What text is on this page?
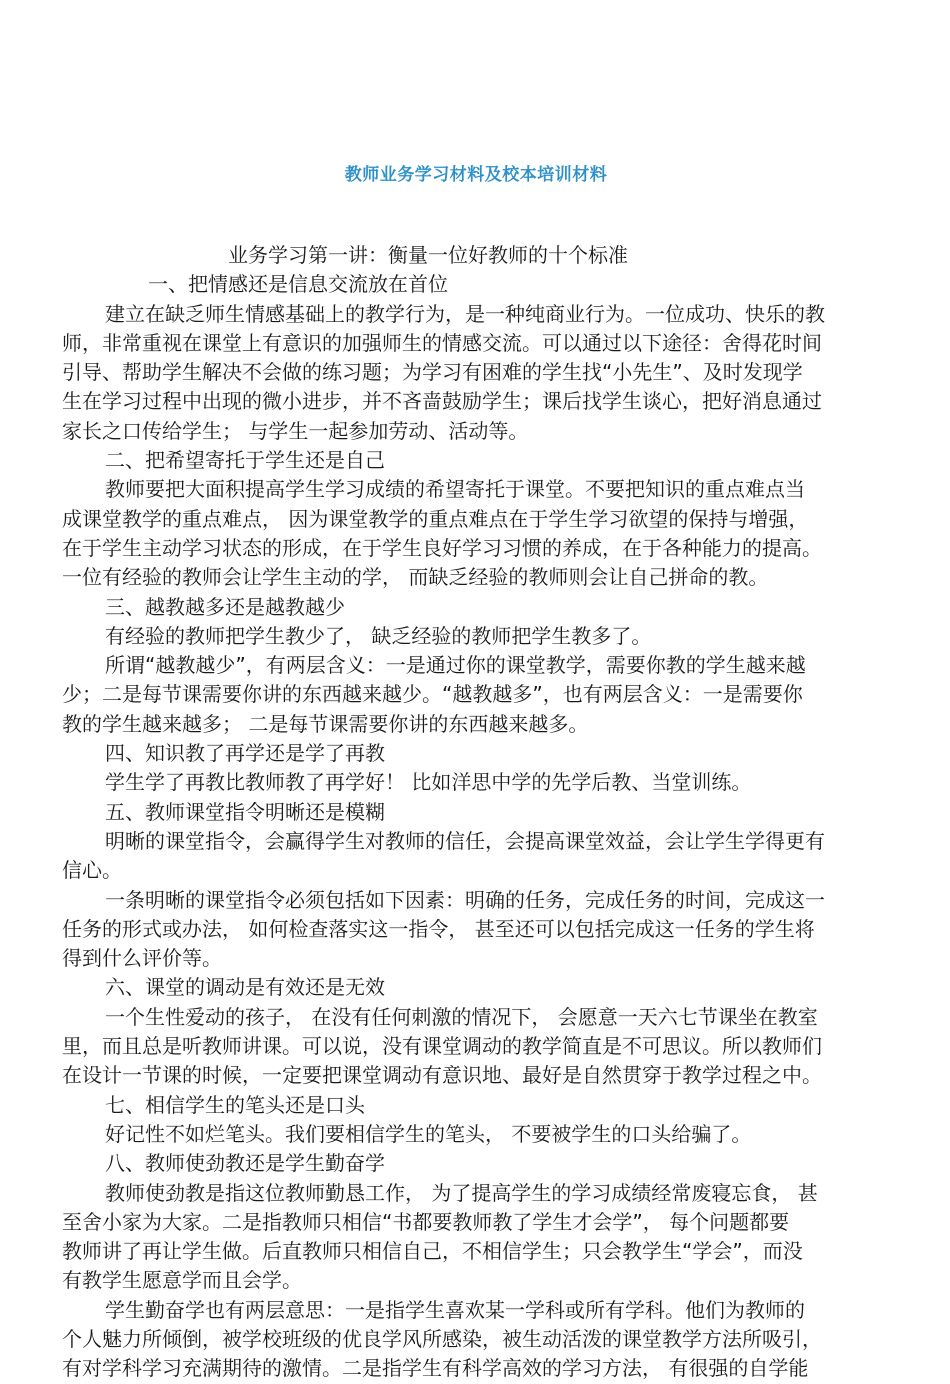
教师业务学习材料及校本培训材料
业务学习第一讲：衡量一位好教师的十个标准
一、把情感还是信息交流放在首位
建立在缺乏师生情感基础上的教学行为，是一种纯商业行为。一位成功、快乐的教
师，非常重视在课堂上有意识的加强师生的情感交流。可以通过以下途径：舍得花时间
引导、帮助学生解决不会做的练习题；为学习有困难的学生找“小先生”、及时发现学
生在学习过程中出现的微小进步，并不吝啬鼓励学生；课后找学生谈心，把好消息通过
家长之口传给学生； 与学生一起参加劳动、活动等。
二、把希望寄托于学生还是自己
教师要把大面积提高学生学习成绩的希望寄托于课堂。不要把知识的重点难点当
成课堂教学的重点难点， 因为课堂教学的重点难点在于学生学习欲望的保持与增强，
在于学生主动学习状态的形成，在于学生良好学习习惯的养成，在于各种能力的提高。
一位有经验的教师会让学生主动的学， 而缺乏经验的教师则会让自己拼命的教。
三、越教越多还是越教越少
有经验的教师把学生教少了， 缺乏经验的教师把学生教多了。
所谓“越教越少”，有两层含义：一是通过你的课堂教学，需要你教的学生越来越
少；二是每节课需要你讲的东西越来越少。“越教越多”，也有两层含义：一是需要你
教的学生越来越多； 二是每节课需要你讲的东西越来越多。
四、知识教了再学还是学了再教
学生学了再教比教师教了再学好！ 比如洋思中学的先学后教、当堂训练。
五、教师课堂指令明晰还是模糊
明晰的课堂指令，会赢得学生对教师的信任，会提高课堂效益，会让学生学得更有
信心。
一条明晰的课堂指令必须包括如下因素：明确的任务，完成任务的时间，完成这一
任务的形式或办法， 如何检查落实这一指令， 甚至还可以包括完成这一任务的学生将
得到什么评价等。
六、课堂的调动是有效还是无效
一个生性爱动的孩子， 在没有任何刺激的情况下， 会愿意一天六七节课坐在教室
里，而且总是听教师讲课。可以说，没有课堂调动的教学简直是不可思议。所以教师们
在设计一节课的时候，一定要把课堂调动有意识地、最好是自然贯穿于教学过程之中。
七、相信学生的笔头还是口头
好记性不如烂笔头。我们要相信学生的笔头， 不要被学生的口头给骗了。
八、教师使劲教还是学生勤奋学
教师使劲教是指这位教师勤恳工作， 为了提高学生的学习成绩经常废寝忘食， 甚
至舍小家为大家。二是指教师只相信“书都要教师教了学生才会学”， 每个问题都要
教师讲了再让学生做。后直教师只相信自己，不相信学生；只会教学生“学会”，而没
有教学生愿意学而且会学。
学生勤奋学也有两层意思：一是指学生喜欢某一学科或所有学科。他们为教师的
个人魅力所倾倒，被学校班级的优良学风所感染，被生动活泼的课堂教学方法所吸引，
有对学科学习充满期待的激情。二是指学生有科学高效的学习方法， 有很强的自学能
